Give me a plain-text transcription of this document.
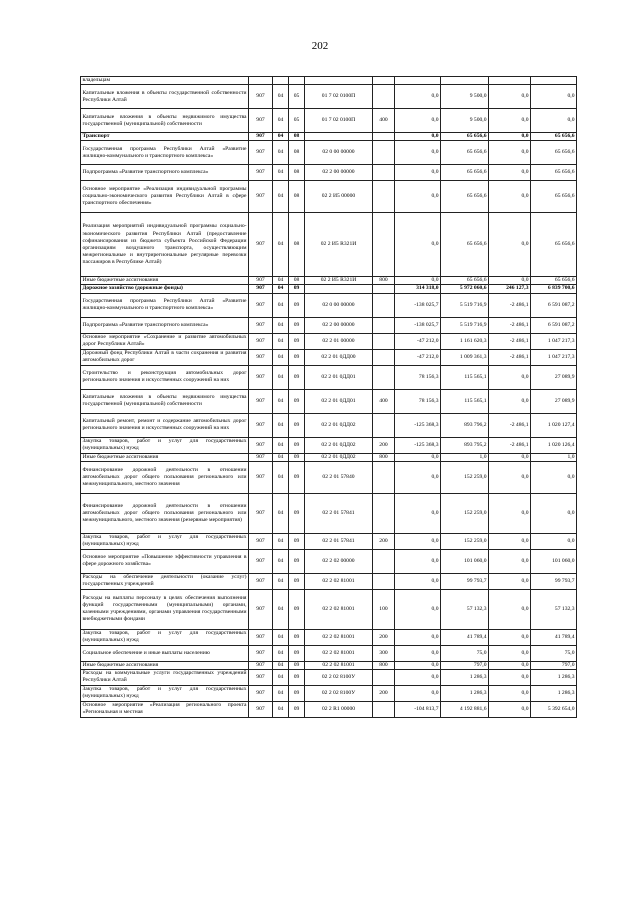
202
владельцам									
Капитальные вложения в объекты государственной собственности Республики Алтай	907	04	05	01 7 02 0100П		0,0	9 500,0	0,0	0,0
Капитальные вложения в объекты недвижимого имущества государственной (муниципальной) собственности	907	04	05	01 7 02 0100П	400	0,0	9 500,0	0,0	0,0
Транспорт	907	04	08			0,0	65 656,6	0,0	65 656,6
Государственная программа Республики Алтай «Развитие жилищно-коммунального и транспортного комплекса»	907	04	08	02 0 00 00000		0,0	65 656,6	0,0	65 656,6
Подпрограмма «Развитие транспортного комплекса»	907	04	08	02 2 00 00000		0,0	65 656,6	0,0	65 656,6
Основное мероприятие «Реализация индивидуальной программы социально-экономического развития Республики Алтай в сфере транспортного обеспечения»	907	04	08	02 2 И5 00000		0,0	65 656,6	0,0	65 656,6
Реализация мероприятий индивидуальной программы социально-экономического развития Республики Алтай (предоставление софинансирования из бюджета субъекта Российской Федерации организациям воздушного транспорта, осуществляющим межрегиональные и внутрирегиональные регулярные перевозки пассажиров в Республике Алтай)	907	04	08	02 2 И5 R321И		0,0	65 656,6	0,0	65 656,6
Иные бюджетные ассигнования	907	04	08	02 2 И5 R321И	800	0,0	65 656,6	0,0	65 656,6
Дорожное хозяйство (дорожные фонды)	907	04	09			314 318,0	5 972 060,6	246 127,3	6 839 700,6
Государственная программа Республики Алтай «Развитие жилищно-коммунального и транспортного комплекса»	907	04	09	02 0 00 00000		-138 025,7	5 519 716,9	-2 486,1	6 591 087,2
Подпрограмма «Развитие транспортного комплекса»	907	04	09	02 2 00 00000		-138 025,7	5 519 716,9	-2 486,1	6 591 087,2
Основное мероприятие «Сохранение и развитие автомобильных дорог Республики Алтай»	907	04	09	02 2 01 00000		-47 212,0	1 161 620,3	-2 486,1	1 047 217,3
Дорожный фонд Республики Алтай в части сохранения и развития автомобильных дорог	907	04	09	02 2 01 0ДД00		-47 212,0	1 009 361,3	-2 486,1	1 047 217,3
Строительство и реконструкция автомобильных дорог регионального значения и искусственных сооружений на них	907	04	09	02 2 01 0ДД01		78 156,3	115 565,1	0,0	27 089,9
Капитальные вложения в объекты недвижимого имущества государственной (муниципальной) собственности	907	04	09	02 2 01 0ДД01	400	78 156,3	115 565,1	0,0	27 089,9
Капитальный ремонт, ремонт и содержание автомобильных дорог регионального значения и искусственных сооружений на них	907	04	09	02 2 01 0ДД02		-125 368,3	893 796,2	-2 486,1	1 020 127,4
Закупка товаров, работ и услуг для государственных (муниципальных) нужд	907	04	09	02 2 01 0ДД02	200	-125 368,3	893 795,2	-2 486,1	1 020 126,4
Иные бюджетные ассигнования	907	04	09	02 2 01 0ДД02	800	0,0	1,0	0,0	1,0
Финансирование дорожной деятельности в отношении автомобильных дорог общего пользования регионального или межмуниципального, местного значения	907	04	09	02 2 01 57840		0,0	152 259,0	0,0	0,0
Финансирование дорожной деятельности в отношении автомобильных дорог общего пользования регионального или межмуниципального, местного значения (резервные мероприятия)	907	04	09	02 2 01 57841		0,0	152 259,0	0,0	0,0
Закупка товаров, работ и услуг для государственных (муниципальных) нужд	907	04	09	02 2 01 57841	200	0,0	152 259,0	0,0	0,0
Основное мероприятие «Повышение эффективности управления в сфере дорожного хозяйства»	907	04	09	02 2 02 00000		0,0	101 060,0	0,0	101 060,0
Расходы на обеспечение деятельности (оказание услуг) государственных учреждений	907	04	09	02 2 02 81001		0,0	99 793,7	0,0	99 793,7
Расходы на выплаты персоналу в целях обеспечения выполнения функций государственными (муниципальными) органами, казенными учреждениями, органами управления государственными внебюджетными фондами	907	04	09	02 2 02 81001	100	0,0	57 132,3	0,0	57 132,3
Закупка товаров, работ и услуг для государственных (муниципальных) нужд	907	04	09	02 2 02 81001	200	0,0	41 789,4	0,0	41 789,4
Социальное обеспечение и иные выплаты населению	907	04	09	02 2 02 81001	300	0,0	75,0	0,0	75,0
Иные бюджетные ассигнования	907	04	09	02 2 02 81001	800	0,0	797,0	0,0	797,0
Расходы на коммунальные услуги государственных учреждений Республики Алтай	907	04	09	02 2 02 8100У		0,0	1 286,3	0,0	1 286,3
Закупка товаров, работ и услуг для государственных (муниципальных) нужд	907	04	09	02 2 02 8100У	200	0,0	1 286,3	0,0	1 286,3
Основное мероприятие «Реализация регионального проекта «Региональная и местная	907	04	09	02 2 R1 00000		-104 813,7	4 192 881,6	0,0	5 392 654,0
